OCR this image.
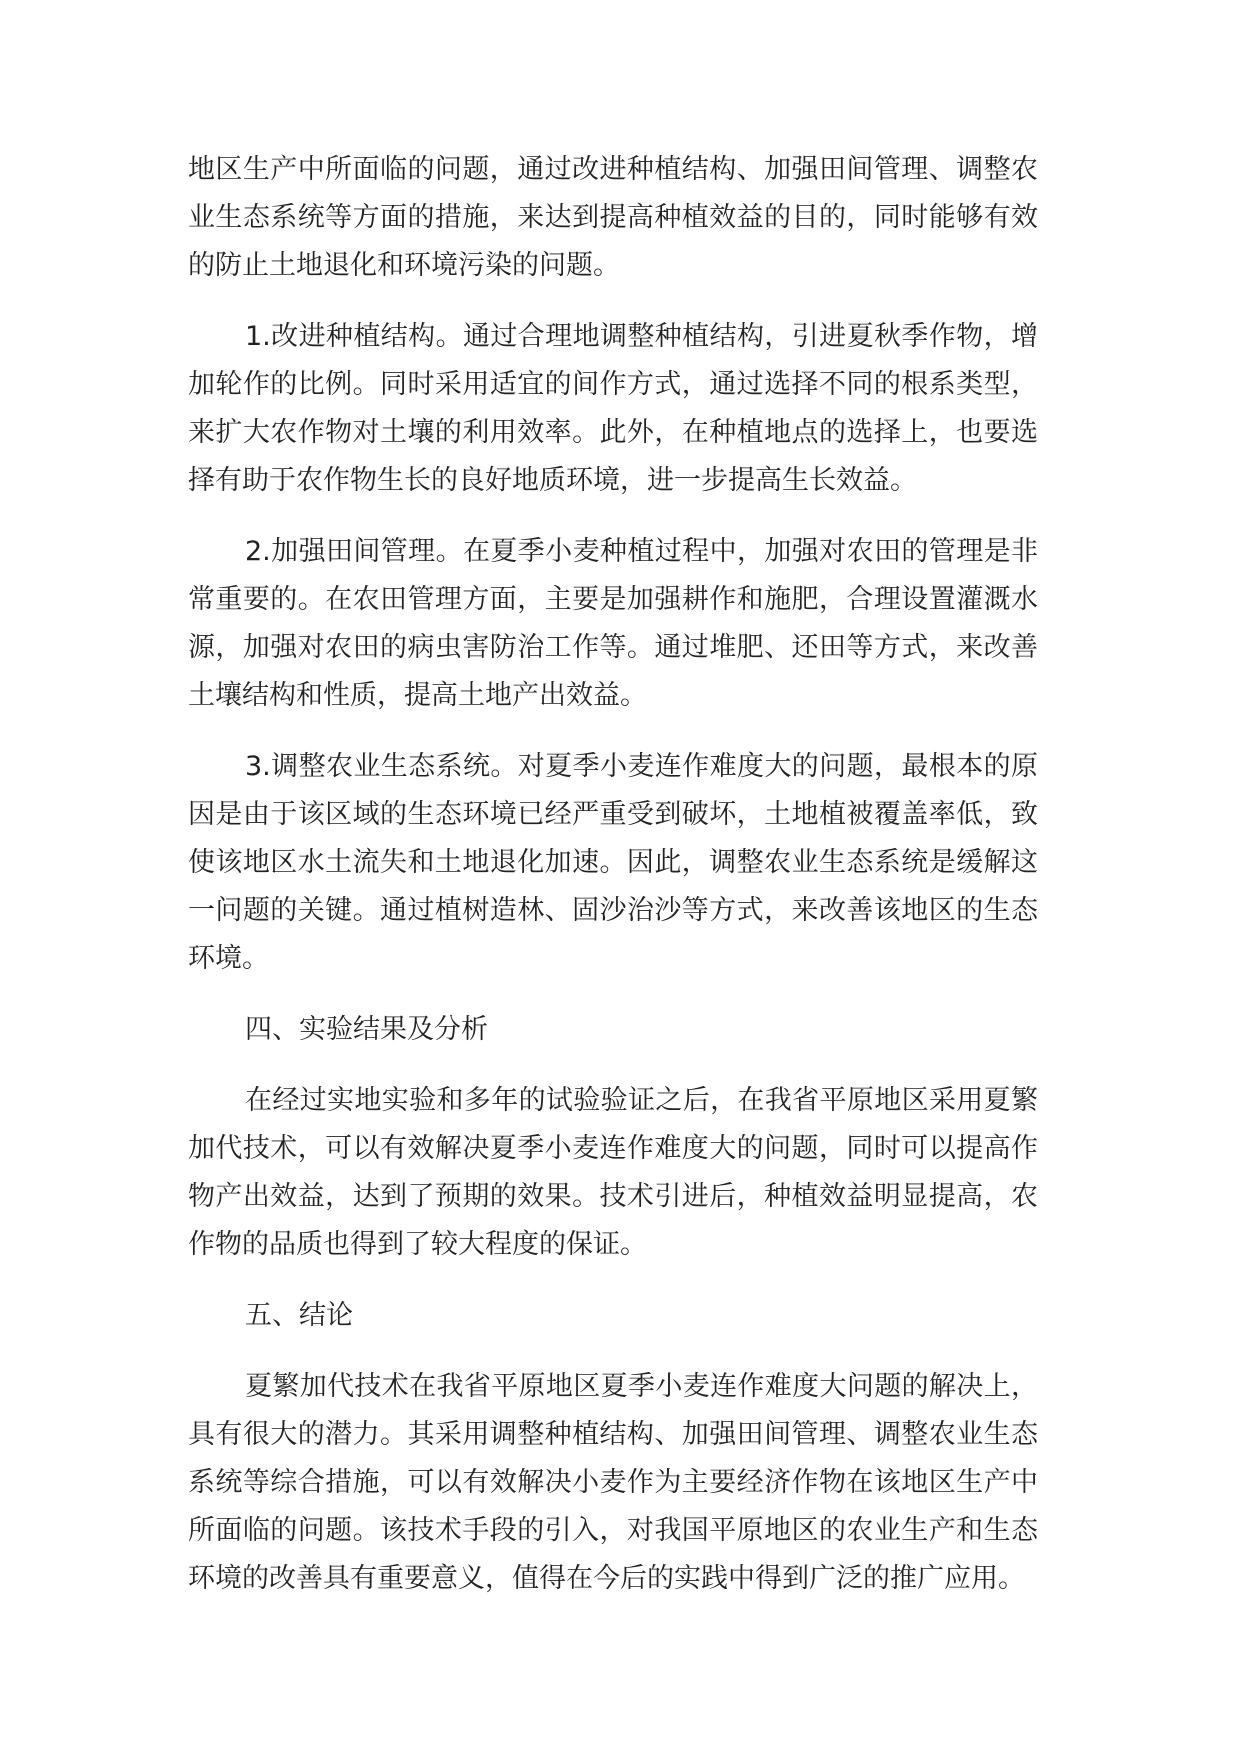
地区生产中所面临的问题，通过改进种植结构、加强田间管理、调整农业生态系统等方面的措施，来达到提高种植效益的目的，同时能够有效的防止土地退化和环境污染的问题。

1.改进种植结构。通过合理地调整种植结构，引进夏秋季作物，增加轮作的比例。同时采用适宜的间作方式，通过选择不同的根系类型，来扩大农作物对土壤的利用效率。此外，在种植地点的选择上，也要选择有助于农作物生长的良好地质环境，进一步提高生长效益。

2.加强田间管理。在夏季小麦种植过程中，加强对农田的管理是非常重要的。在农田管理方面，主要是加强耕作和施肥，合理设置灌溉水源，加强对农田的病虫害防治工作等。通过堆肥、还田等方式，来改善土壤结构和性质，提高土地产出效益。

3.调整农业生态系统。对夏季小麦连作难度大的问题，最根本的原因是由于该区域的生态环境已经严重受到破坏，土地植被覆盖率低，致使该地区水土流失和土地退化加速。因此，调整农业生态系统是缓解这一问题的关键。通过植树造林、固沙治沙等方式，来改善该地区的生态环境。

四、实验结果及分析

在经过实地实验和多年的试验验证之后，在我省平原地区采用夏繁加代技术，可以有效解决夏季小麦连作难度大的问题，同时可以提高作物产出效益，达到了预期的效果。技术引进后，种植效益明显提高，农作物的品质也得到了较大程度的保证。

五、结论

夏繁加代技术在我省平原地区夏季小麦连作难度大问题的解决上，具有很大的潜力。其采用调整种植结构、加强田间管理、调整农业生态系统等综合措施，可以有效解决小麦作为主要经济作物在该地区生产中所面临的问题。该技术手段的引入，对我国平原地区的农业生产和生态环境的改善具有重要意义，值得在今后的实践中得到广泛的推广应用。
